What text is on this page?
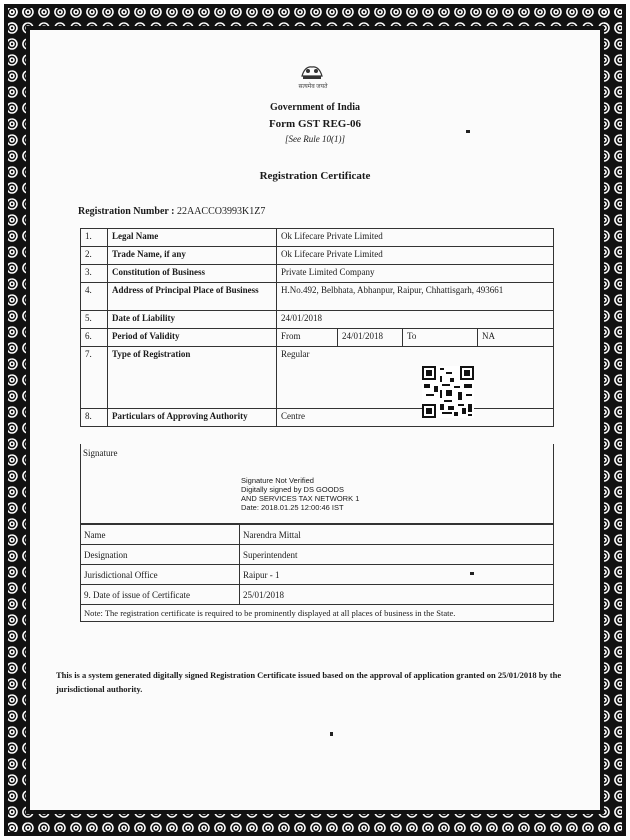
सत्यमेव जयते
Government of India
Form GST REG-06
[See Rule 10(1)]
Registration Certificate
Registration Number : 22AACCO3993K1Z7
1.	Legal Name	Ok Lifecare Private Limited			
2.	Trade Name, if any	Ok Lifecare Private Limited			
3.	Constitution of Business	Private Limited Company			
4.	Address of Principal Place of Business	H.No.492, Belbhata, Abhanpur, Raipur, Chhattisgarh, 493661			
5.	Date of Liability	24/01/2018			
6.	Period of Validity	From	24/01/2018	To	NA
7.	Type of Registration	Regular			
8.	Particulars of Approving Authority	Centre			
Signature
Signature Not Verified
Digitally signed by DS GOODS
AND SERVICES TAX NETWORK 1
Date: 2018.01.25 12:00:46 IST
Name	Narendra Mittal
Designation	Superintendent
Jurisdictional Office	Raipur - 1
9. Date of issue of Certificate	25/01/2018
Note: The registration certificate is required to be prominently displayed at all places of business in the State.
This is a system generated digitally signed Registration Certificate issued based on the approval of application granted on 25/01/2018 by the jurisdictional authority.
